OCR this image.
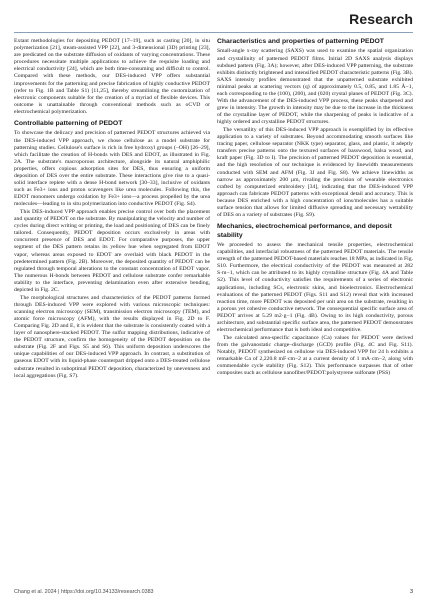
Research

Extant methodologies for depositing PEDOT [17–19], such as casting [20], in situ polymerization [21], steam-assisted VPP [22], and 3-dimensional (3D) printing [23], are predicated on the substrate diffusion of oxidants of varying concentrations. These procedures necessitate multiple applications to achieve the requisite loading and electrical conductivity [24], which are both time-consuming and difficult to control. Compared with these methods, our DES-induced VPP offers substantial improvements for the patterning and precise fabrication of highly conductive PEDOT (refer to Fig. 1B and Table S1) [11,25], thereby streamlining the customization of electronic components suitable for the creation of a myriad of flexible devices. This outcome is unattainable through conventional methods such as oCVD or electrochemical polymerization.

Controllable patterning of PEDOT

To showcase the delicacy and precision of patterned PEDOT structures achieved via the DES-induced VPP approach, we chose cellulose as a model substrate for patterning studies. Cellulose's surface is rich in free hydroxyl groups (–OH) [26–29], which facilitate the creation of H-bonds with DES and EDOT, as illustrated in Fig. 2A. The substrate's macroporous architecture, alongside its natural amphiphilic properties, offers copious adsorption sites for DES, thus ensuring a uniform deposition of DES over the entire substrate. These interactions give rise to a quasi-solid interface replete with a dense H-bond network [30–33], inclusive of oxidants such as Fe3+ ions and proton scavengers like urea molecules. Following this, the EDOT monomers undergo oxidation by Fe3+ ions—a process propelled by the urea molecules—leading to in situ polymerization into conductive PEDOT (Fig. S4).

This DES-induced VPP approach enables precise control over both the placement and quantity of PEDOT on the substrate. By manipulating the velocity and number of cycles during direct writing or printing, the load and positioning of DES can be finely tailored. Consequently, PEDOT deposition occurs exclusively in areas with concurrent presence of DES and EDOT. For comparative purposes, the upper segment of the DES pattern retains its yellow hue when segregated from EDOT vapor, whereas areas exposed to EDOT are overlaid with black PEDOT in the predetermined pattern (Fig. 2B). Moreover, the deposited quantity of PEDOT can be regulated through temporal alterations to the constant concentration of EDOT vapor. The numerous H-bonds between PEDOT and cellulose substrate confer remarkable stability to the interface, preventing delamination even after extensive bending, depicted in Fig. 2C.

The morphological structures and characteristics of the PEDOT patterns formed through DES-induced VPP were explored with various microscopic techniques: scanning electron microscopy (SEM), transmission electron microscopy (TEM), and atomic force microscopy (AFM), with the results displayed in Fig. 2D to F. Comparing Fig. 2D and E, it is evident that the substrate is consistently coated with a layer of nanosphere-stacked PEDOT. The sulfur mapping distributions, indicative of the PEDOT structure, confirm the homogeneity of the PEDOT deposition on the substrate (Fig. 2F and Figs. S5 and S6). This uniform deposition underscores the unique capabilities of our DES-induced VPP approach. In contrast, a substitution of gaseous EDOT with its liquid-phase counterpart dripped onto a DES-treated cellulose substrate resulted in suboptimal PEDOT deposition, characterized by unevenness and local aggregations (Fig. S7).

Characteristics and properties of patterning PEDOT

Small-angle x-ray scattering (SAXS) was used to examine the spatial organization and crystallinity of patterned PEDOT films. Initial 2D SAXS analysis displays subdued pattern (Fig. 3A); however, after DES-induced VPP patterning, the substrate exhibits distinctly brightened and intensified PEDOT characteristic patterns (Fig. 3B). SAXS intensity profiles demonstrated that the unpatterned substrate exhibited minimal peaks at scattering vectors (q) of approximately 0.5, 0.85, and 1.85 Å−1, each corresponding to the (100), (200), and (020) crystal planes of PEDOT (Fig. 3C). With the advancement of the DES-induced VPP process, these peaks sharpened and grew in intensity. The growth in intensity may be due to the increase in the thickness of the crystalline layer of PEDOT, while the sharpening of peaks is indicative of a highly ordered and crystalline PEDOT structures.

The versatility of this DES-induced VPP approach is exemplified by its effective application to a variety of substrates. Beyond accommodating smooth surfaces like tracing paper, cellulose separator (NKK type) separator, glass, and plastic, it adeptly transfers precise patterns onto the textured surfaces of basswood, balsa wood, and kraft paper (Fig. 3D to I). The precision of patterned PEDOT deposition is essential, and the high resolution of our technique is evidenced by linewidth measurements conducted with SEM and AFM (Fig. 3J and Fig. S8). We achieve linewidths as narrow as approximately 200 μm, rivaling the precision of wearable electronics crafted by computerized embroidery [34], indicating that the DES-induced VPP approach can fabricate PEDOT patterns with exceptional detail and accuracy. This is because DES enriched with a high concentration of ions/molecules has a suitable surface tension that allows for limited diffusive spreading and necessary wettability of DES on a variety of substrates (Fig. S9).

Mechanics, electrochemical performance, and deposit stability

We proceeded to assess the mechanical tensile properties, electrochemical capabilities, and interfacial robustness of the patterned PEDOT materials. The tensile strength of the patterned PEDOT-based materials reaches 18 MPa, as indicated in Fig. S10. Furthermore, the electrical conductivity of the PEDOT was measured at 282 S·m−1, which can be attributed to its highly crystalline structure (Fig. 4A and Table S2). This level of conductivity satisfies the requirements of a series of electronic applications, including SCs, electronic skins, and bioelectronics. Electrochemical evaluations of the patterned PEDOT (Figs. S11 and S12) reveal that with increased reaction time, more PEDOT was deposited per unit area on the substrate, resulting in a porous yet cohesive conductive network. The consequential specific surface area of PEDOT arrives at 5.29 m2·g−1 (Fig. 4B). Owing to its high conductivity, porous architecture, and substantial specific surface area, the patterned PEDOT demonstrates electrochemical performance that is both ideal and competitive.

The calculated area-specific capacitance (Ca) values for PEDOT were derived from the galvanostatic charge–discharge (GCD) profile (Fig. 4C and Fig. S11). Notably, PEDOT synthesized on cellulose via DES-induced VPP for 24 h exhibits a remarkable Ca of 2,220.8 mF·cm−2 at a current density of 1 mA·cm−2, along with commendable cycle stability (Fig. S12). This performance surpasses that of other composites such as cellulose nanofiber/PEDOT:polystyrene sulfonate (PSS)

Chang et al. 2024 | https://doi.org/10.34133/research.0383	3
